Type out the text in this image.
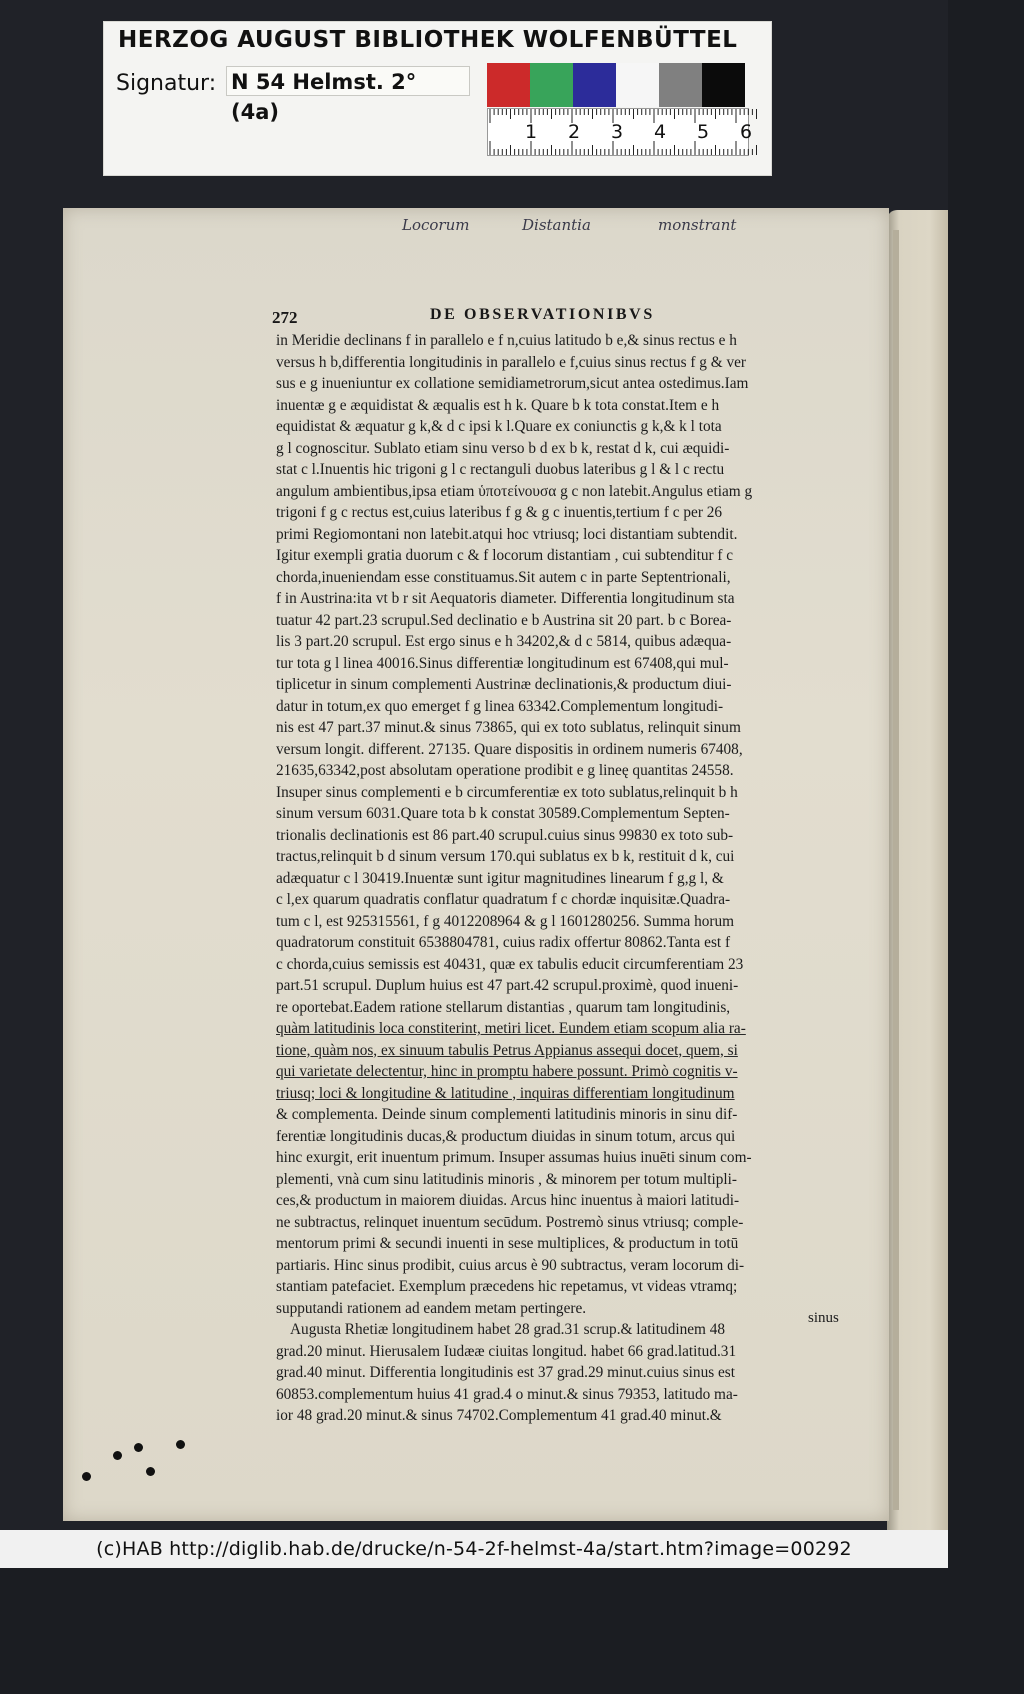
HERZOG AUGUST BIBLIOTHEK WOLFENBÜTTEL
Signatur: N 54 Helmst. 2° (4a)
1 2 3 4 5 6
Locorum	Distantia	monstrant
272	DE OBSERVATIONIBVS
in Meridie declinans f in parallelo e f n,cuius latitudo b e,& sinus rectus e h
versus h b,differentia longitudinis in parallelo e f,cuius sinus rectus f g & ver
sus e g inueniuntur ex collatione semidiametrorum,sicut antea ostedimus.Iam
inuentæ g e æquidistat & æqualis est h k. Quare b k tota constat.Item e h
equidistat & æquatur g k,& d c ipsi k l.Quare ex coniunctis g k,& k l tota
g l cognoscitur. Sublato etiam sinu verso b d ex b k, restat d k, cui æquidi-
stat c l.Inuentis hic trigoni g l c rectanguli duobus lateribus g l & l c rectu
angulum ambientibus,ipsa etiam ὑποτείνουσα g c non latebit.Angulus etiam g
trigoni f g c rectus est,cuius lateribus f g & g c inuentis,tertium f c per 26
primi Regiomontani non latebit.atqui hoc vtriusq; loci distantiam subtendit.
Igitur exempli gratia duorum c & f locorum distantiam , cui subtenditur f c
chorda,inueniendam esse constituamus.Sit autem c in parte Septentrionali,
f in Austrina:ita vt b r sit Aequatoris diameter. Differentia longitudinum sta
tuatur 42 part.23 scrupul.Sed declinatio e b Austrina sit 20 part. b c Borea-
lis 3 part.20 scrupul. Est ergo sinus e h 34202,& d c 5814, quibus adæqua-
tur tota g l linea 40016.Sinus differentiæ longitudinum est 67408,qui mul-
tiplicetur in sinum complementi Austrinæ declinationis,& productum diui-
datur in totum,ex quo emerget f g linea 63342.Complementum longitudi-
nis est 47 part.37 minut.& sinus 73865, qui ex toto sublatus, relinquit sinum
versum longit. different. 27135. Quare dispositis in ordinem numeris 67408,
21635,63342,post absolutam operatione prodibit e g lineę quantitas 24558.
Insuper sinus complementi e b circumferentiæ ex toto sublatus,relinquit b h
sinum versum 6031.Quare tota b k constat 30589.Complementum Septen-
trionalis declinationis est 86 part.40 scrupul.cuius sinus 99830 ex toto sub-
tractus,relinquit b d sinum versum 170.qui sublatus ex b k, restituit d k, cui
adæquatur c l 30419.Inuentæ sunt igitur magnitudines linearum f g,g l, &
c l,ex quarum quadratis conflatur quadratum f c chordæ inquisitæ.Quadra-
tum c l, est 925315561, f g 4012208964 & g l 1601280256. Summa horum
quadratorum constituit 6538804781, cuius radix offertur 80862.Tanta est f
c chorda,cuius semissis est 40431, quæ ex tabulis educit circumferentiam 23
part.51 scrupul. Duplum huius est 47 part.42 scrupul.proximè, quod inueni-
re oportebat.Eadem ratione stellarum distantias , quarum tam longitudinis,
quàm latitudinis loca constiterint, metiri licet. Eundem etiam scopum alia ra-
tione, quàm nos, ex sinuum tabulis Petrus Appianus assequi docet, quem, si
qui varietate delectentur, hinc in promptu habere possunt. Primò cognitis v-
triusq; loci & longitudine & latitudine , inquiras differentiam longitudinum
& complementa. Deinde sinum complementi latitudinis minoris in sinu dif-
ferentiæ longitudinis ducas,& productum diuidas in sinum totum, arcus qui
hinc exurgit, erit inuentum primum. Insuper assumas huius inuēti sinum com-
plementi, vnà cum sinu latitudinis minoris , & minorem per totum multipli-
ces,& productum in maiorem diuidas. Arcus hinc inuentus à maiori latitudi-
ne subtractus, relinquet inuentum secūdum. Postremò sinus vtriusq; comple-
mentorum primi & secundi inuenti in sese multiplices, & productum in totū
partiaris. Hinc sinus prodibit, cuius arcus è 90 subtractus, veram locorum di-
stantiam patefaciet. Exemplum præcedens hic repetamus, vt videas vtramq;
supputandi rationem ad eandem metam pertingere.
Augusta Rhetiæ longitudinem habet 28 grad.31 scrup.& latitudinem 48
grad.20 minut. Hierusalem Iudææ ciuitas longitud. habet 66 grad.latitud.31
grad.40 minut. Differentia longitudinis est 37 grad.29 minut.cuius sinus est
60853.complementum huius 41 grad.4 o minut.& sinus 79353, latitudo ma-
ior 48 grad.20 minut.& sinus 74702.Complementum 41 grad.40 minut.&
sinus
(c)HAB http://diglib.hab.de/drucke/n-54-2f-helmst-4a/start.htm?image=00292
